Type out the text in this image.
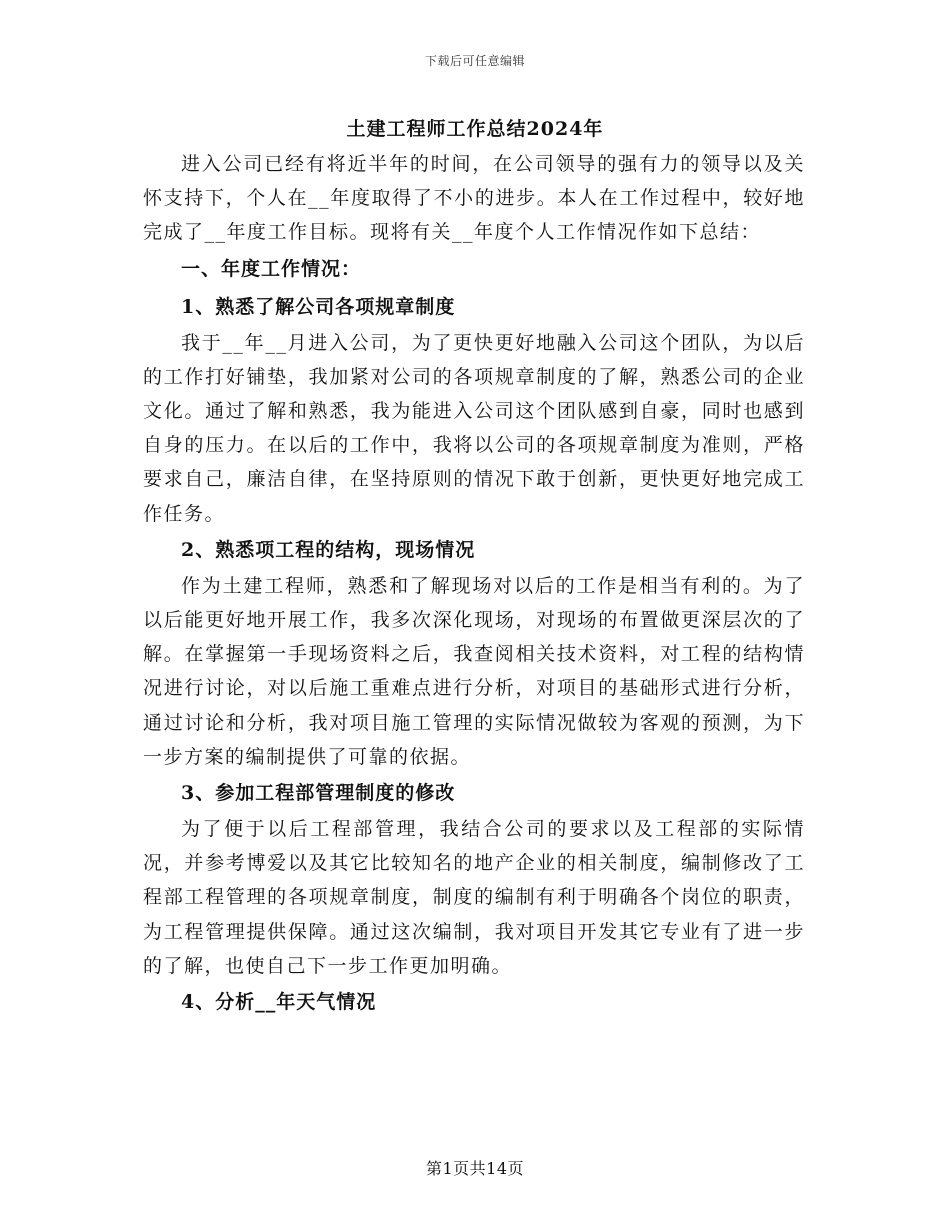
下载后可任意编辑
土建工程师工作总结2024年

进入公司已经有将近半年的时间，在公司领导的强有力的领导以及关怀支持下，个人在__年度取得了不小的进步。本人在工作过程中，较好地完成了__年度工作目标。现将有关__年度个人工作情况作如下总结：

一、年度工作情况：
1、熟悉了解公司各项规章制度

我于__年__月进入公司，为了更快更好地融入公司这个团队，为以后的工作打好铺垫，我加紧对公司的各项规章制度的了解，熟悉公司的企业文化。通过了解和熟悉，我为能进入公司这个团队感到自豪，同时也感到自身的压力。在以后的工作中，我将以公司的各项规章制度为准则，严格要求自己，廉洁自律，在坚持原则的情况下敢于创新，更快更好地完成工作任务。

2、熟悉项工程的结构，现场情况

作为土建工程师，熟悉和了解现场对以后的工作是相当有利的。为了以后能更好地开展工作，我多次深化现场，对现场的布置做更深层次的了解。在掌握第一手现场资料之后，我查阅相关技术资料，对工程的结构情况进行讨论，对以后施工重难点进行分析，对项目的基础形式进行分析，通过讨论和分析，我对项目施工管理的实际情况做较为客观的预测，为下一步方案的编制提供了可靠的依据。

3、参加工程部管理制度的修改

为了便于以后工程部管理，我结合公司的要求以及工程部的实际情况，并参考博爱以及其它比较知名的地产企业的相关制度，编制修改了工程部工程管理的各项规章制度，制度的编制有利于明确各个岗位的职责，为工程管理提供保障。通过这次编制，我对项目开发其它专业有了进一步的了解，也使自己下一步工作更加明确。

4、分析__年天气情况
第1页共14页
